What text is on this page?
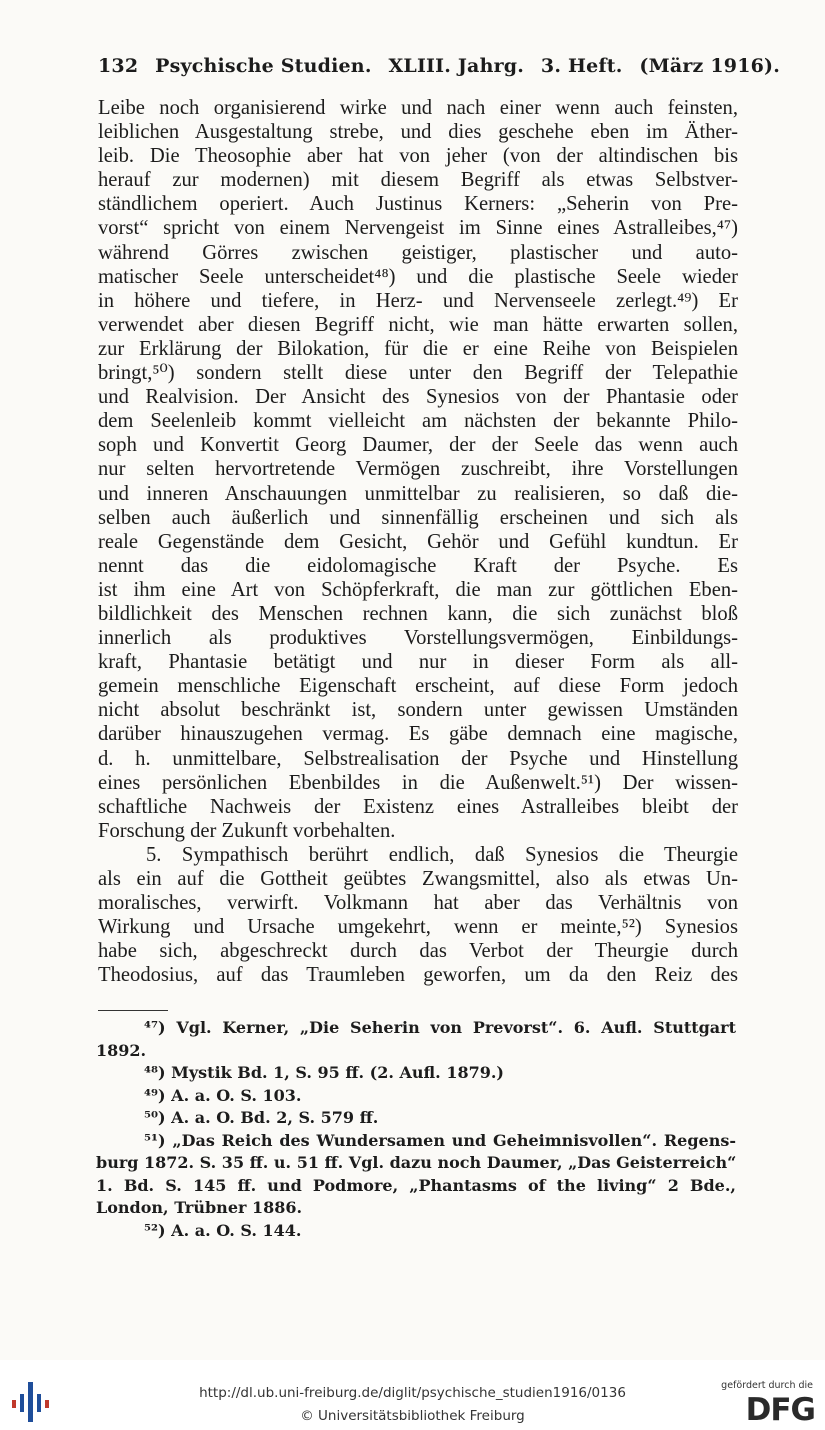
132 Psychische Studien. XLIII. Jahrg. 3. Heft. (März 1916).
Leibe noch organisierend wirke und nach einer wenn auch feinsten,
leiblichen Ausgestaltung strebe, und dies geschehe eben im Äther-
leib. Die Theosophie aber hat von jeher (von der altindischen bis
herauf zur modernen) mit diesem Begriff als etwas Selbstver-
ständlichem operiert. Auch Justinus Kerners: „Seherin von Pre-
vorst“ spricht von einem Nervengeist im Sinne eines Astralleibes,⁴⁷)
während Görres zwischen geistiger, plastischer und auto-
matischer Seele unterscheidet⁴⁸) und die plastische Seele wieder
in höhere und tiefere, in Herz- und Nervenseele zerlegt.⁴⁹) Er
verwendet aber diesen Begriff nicht, wie man hätte erwarten sollen,
zur Erklärung der Bilokation, für die er eine Reihe von Beispielen
bringt,⁵⁰) sondern stellt diese unter den Begriff der Telepathie
und Realvision. Der Ansicht des Synesios von der Phantasie oder
dem Seelenleib kommt vielleicht am nächsten der bekannte Philo-
soph und Konvertit Georg Daumer, der der Seele das wenn auch
nur selten hervortretende Vermögen zuschreibt, ihre Vorstellungen
und inneren Anschauungen unmittelbar zu realisieren, so daß die-
selben auch äußerlich und sinnenfällig erscheinen und sich als
reale Gegenstände dem Gesicht, Gehör und Gefühl kundtun. Er
nennt das die eidolomagische Kraft der Psyche. Es
ist ihm eine Art von Schöpferkraft, die man zur göttlichen Eben-
bildlichkeit des Menschen rechnen kann, die sich zunächst bloß
innerlich als produktives Vorstellungsvermögen, Einbildungs-
kraft, Phantasie betätigt und nur in dieser Form als all-
gemein menschliche Eigenschaft erscheint, auf diese Form jedoch
nicht absolut beschränkt ist, sondern unter gewissen Umständen
darüber hinauszugehen vermag. Es gäbe demnach eine magische,
d. h. unmittelbare, Selbstrealisation der Psyche und Hinstellung
eines persönlichen Ebenbildes in die Außenwelt.⁵¹) Der wissen-
schaftliche Nachweis der Existenz eines Astralleibes bleibt der
Forschung der Zukunft vorbehalten.
5. Sympathisch berührt endlich, daß Synesios die Theurgie
als ein auf die Gottheit geübtes Zwangsmittel, also als etwas Un-
moralisches, verwirft. Volkmann hat aber das Verhältnis von
Wirkung und Ursache umgekehrt, wenn er meinte,⁵²) Synesios
habe sich, abgeschreckt durch das Verbot der Theurgie durch
Theodosius, auf das Traumleben geworfen, um da den Reiz des
⁴⁷) Vgl. Kerner, „Die Seherin von Prevorst“. 6. Aufl. Stuttgart
1892.
⁴⁸) Mystik Bd. 1, S. 95 ff. (2. Aufl. 1879.)
⁴⁹) A. a. O. S. 103.
⁵⁰) A. a. O. Bd. 2, S. 579 ff.
⁵¹) „Das Reich des Wundersamen und Geheimnisvollen“. Regens-
burg 1872. S. 35 ff. u. 51 ff. Vgl. dazu noch Daumer, „Das Geisterreich“
1. Bd. S. 145 ff. und Podmore, „Phantasms of the living“ 2 Bde.,
London, Trübner 1886.
⁵²) A. a. O. S. 144.
http://dl.ub.uni-freiburg.de/diglit/psychische_studien1916/0136
© Universitätsbibliothek Freiburg
gefördert durch die
DFG
